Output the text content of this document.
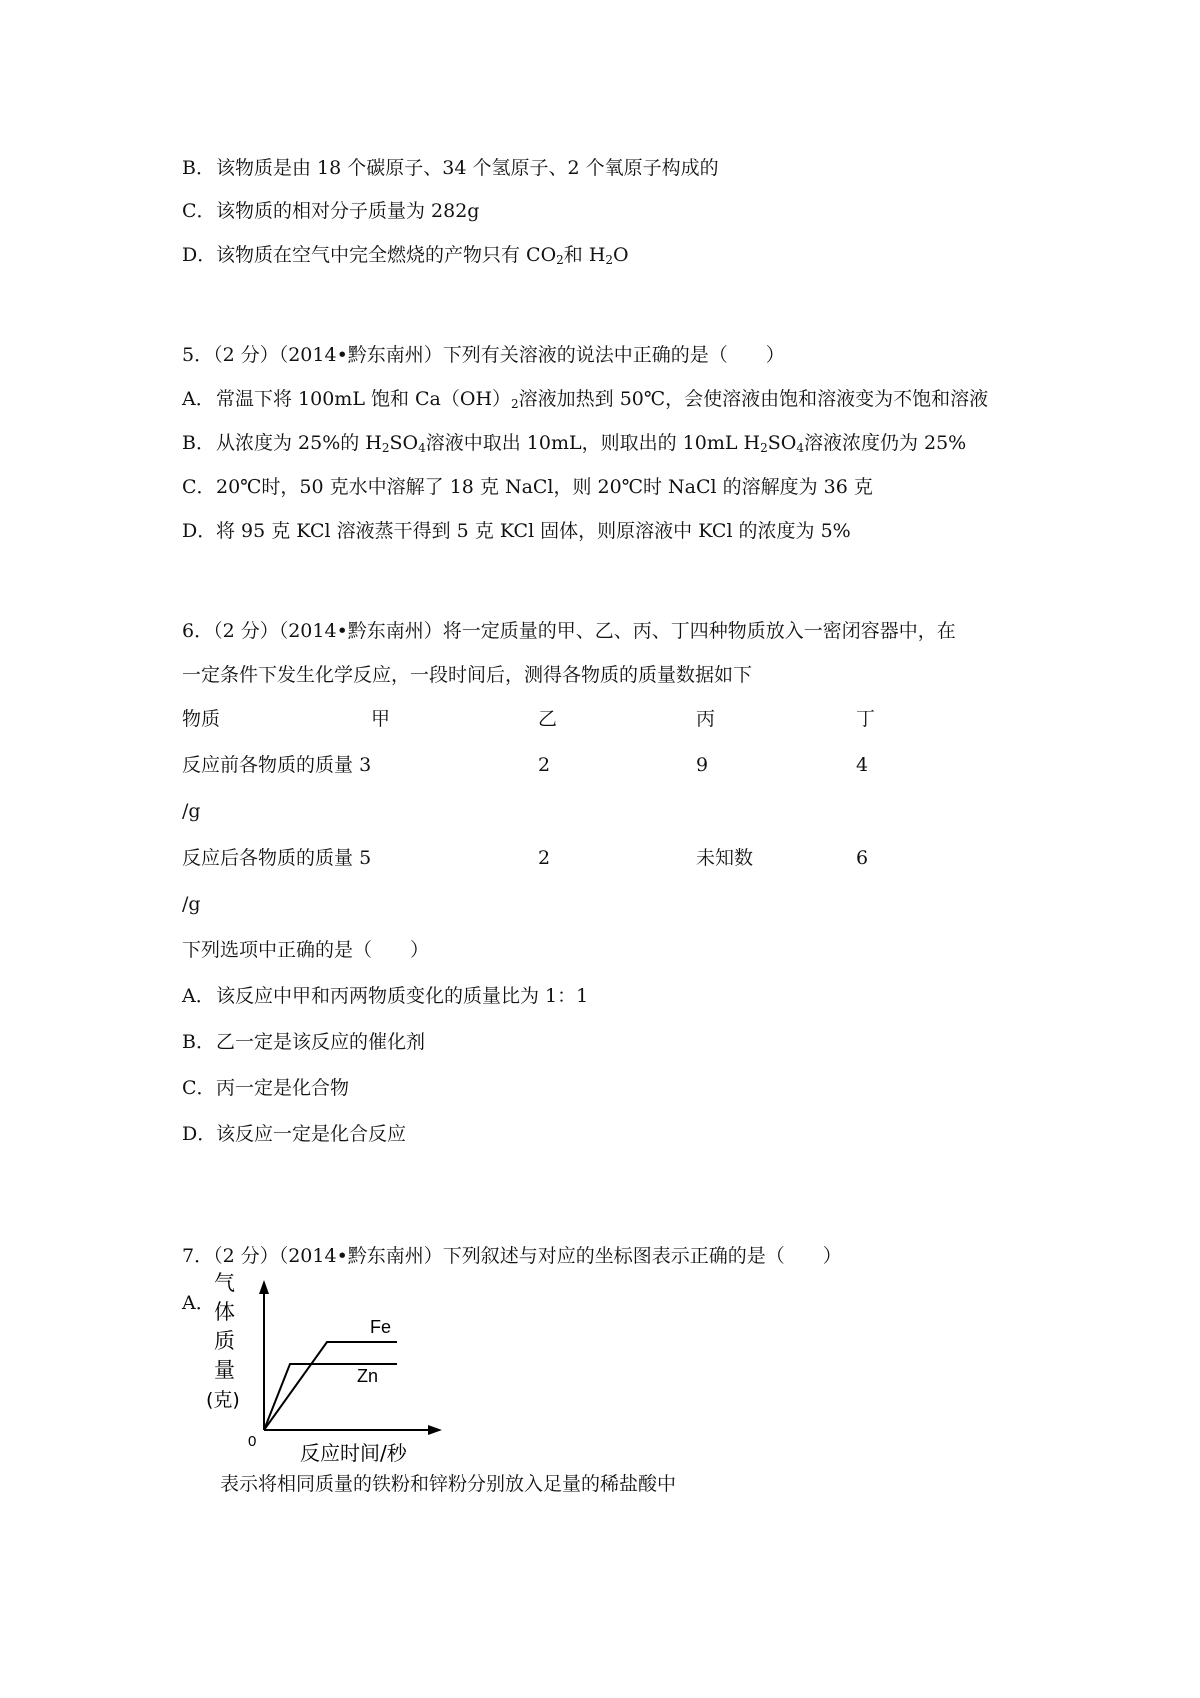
B．该物质是由 18 个碳原子、34 个氢原子、2 个氧原子构成的
C．该物质的相对分子质量为 282g
D．该物质在空气中完全燃烧的产物只有 $CO_2$和 $H_2O$
5．（2 分）（2014•黔东南州）下列有关溶液的说法中正确的是（　　）
A．常温下将 100mL 饱和 $Ca(OH)_2$溶液加热到 50℃，会使溶液由饱和溶液变为不饱和溶液
B．从浓度为 25%的 $H_2SO_4$溶液中取出 10mL，则取出的 10mL $H_2SO_4$溶液浓度仍为 25%
C．20℃时，50 克水中溶解了 18 克 NaCl，则 20℃时 NaCl 的溶解度为 36 克
D．将 95 克 KCl 溶液蒸干得到 5 克 KCl 固体，则原溶液中 KCl 的浓度为 5%
6．（2 分）（2014•黔东南州）将一定质量的甲、乙、丙、丁四种物质放入一密闭容器中，在
一定条件下发生化学反应，一段时间后，测得各物质的质量数据如下
物质	甲	乙	丙	丁
反应前各物质的质量 3	2	9	4
/g
反应后各物质的质量 5	2	未知数	6
/g
下列选项中正确的是（　　）
A．该反应中甲和丙两物质变化的质量比为 1：1
B．乙一定是该反应的催化剂
C．丙一定是化合物
D．该反应一定是化合反应
7．（2 分）（2014•黔东南州）下列叙述与对应的坐标图表示正确的是（　　）
A．
Fe
Zn
气
体
质
量
(克)
0 反应时间/秒
表示将相同质量的铁粉和锌粉分别放入足量的稀盐酸中
